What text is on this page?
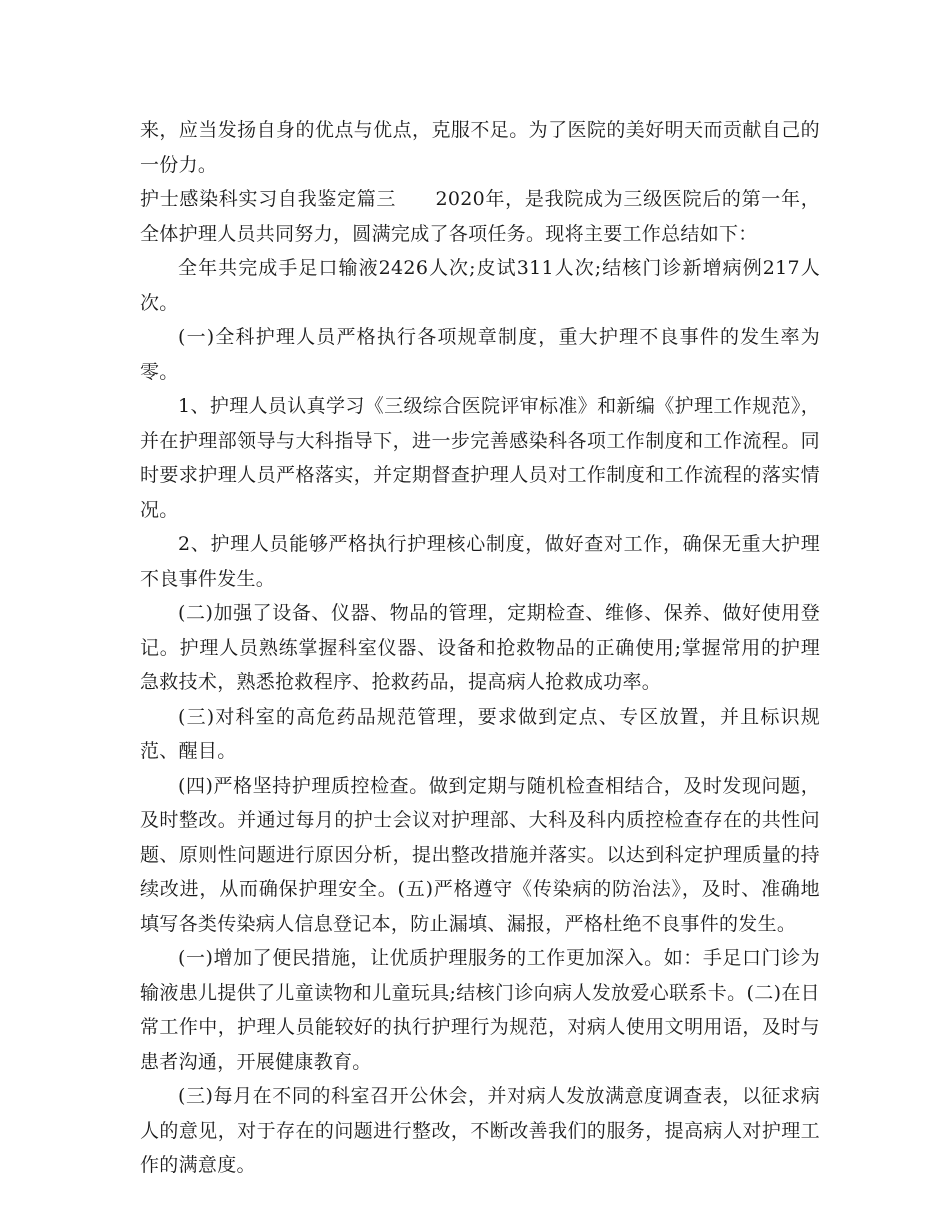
来，应当发扬自身的优点与优点，克服不足。为了医院的美好明天而贡献自己的一份力。

护士感染科实习自我鉴定篇三　　2020年，是我院成为三级医院后的第一年，全体护理人员共同努力，圆满完成了各项任务。现将主要工作总结如下：

全年共完成手足口输液2426人次;皮试311人次;结核门诊新增病例217人次。

(一)全科护理人员严格执行各项规章制度，重大护理不良事件的发生率为零。

1、护理人员认真学习《三级综合医院评审标准》和新编《护理工作规范》，并在护理部领导与大科指导下，进一步完善感染科各项工作制度和工作流程。同时要求护理人员严格落实，并定期督查护理人员对工作制度和工作流程的落实情况。

2、护理人员能够严格执行护理核心制度，做好查对工作，确保无重大护理不良事件发生。

(二)加强了设备、仪器、物品的管理，定期检查、维修、保养、做好使用登记。护理人员熟练掌握科室仪器、设备和抢救物品的正确使用;掌握常用的护理急救技术，熟悉抢救程序、抢救药品，提高病人抢救成功率。

(三)对科室的高危药品规范管理，要求做到定点、专区放置，并且标识规范、醒目。

(四)严格坚持护理质控检查。做到定期与随机检查相结合，及时发现问题，及时整改。并通过每月的护士会议对护理部、大科及科内质控检查存在的共性问题、原则性问题进行原因分析，提出整改措施并落实。以达到科定护理质量的持续改进，从而确保护理安全。(五)严格遵守《传染病的防治法》，及时、准确地填写各类传染病人信息登记本，防止漏填、漏报，严格杜绝不良事件的发生。

(一)增加了便民措施，让优质护理服务的工作更加深入。如：手足口门诊为输液患儿提供了儿童读物和儿童玩具;结核门诊向病人发放爱心联系卡。(二)在日常工作中，护理人员能较好的执行护理行为规范，对病人使用文明用语，及时与患者沟通，开展健康教育。

(三)每月在不同的科室召开公休会，并对病人发放满意度调查表，以征求病人的意见，对于存在的问题进行整改，不断改善我们的服务，提高病人对护理工作的满意度。
